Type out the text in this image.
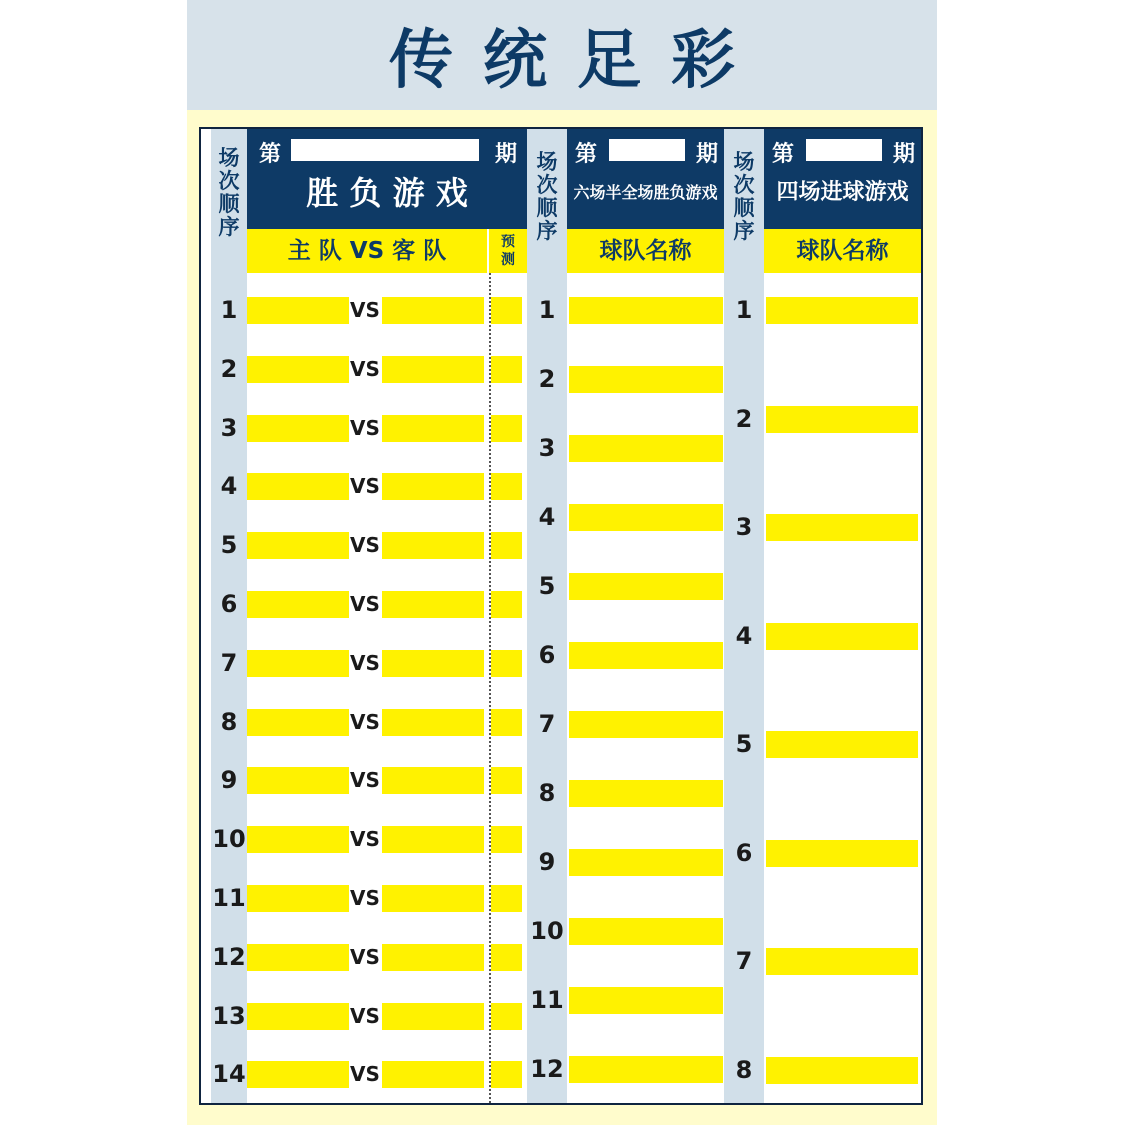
传统足彩
场
次
顺
序
第	期
胜 负 游 戏
主 队 VS 客 队	预
测
1	VS
2	VS
3	VS
4	VS
5	VS
6	VS
7	VS
8	VS
9	VS
10	VS
11	VS
12	VS
13	VS
14	VS
场
次
顺
序
第	期
六场半全场胜负游戏
球队名称
1
2
3
4
5
6
7
8
9
10
11
12
场
次
顺
序
第	期
四场进球游戏
球队名称
1
2
3
4
5
6
7
8
